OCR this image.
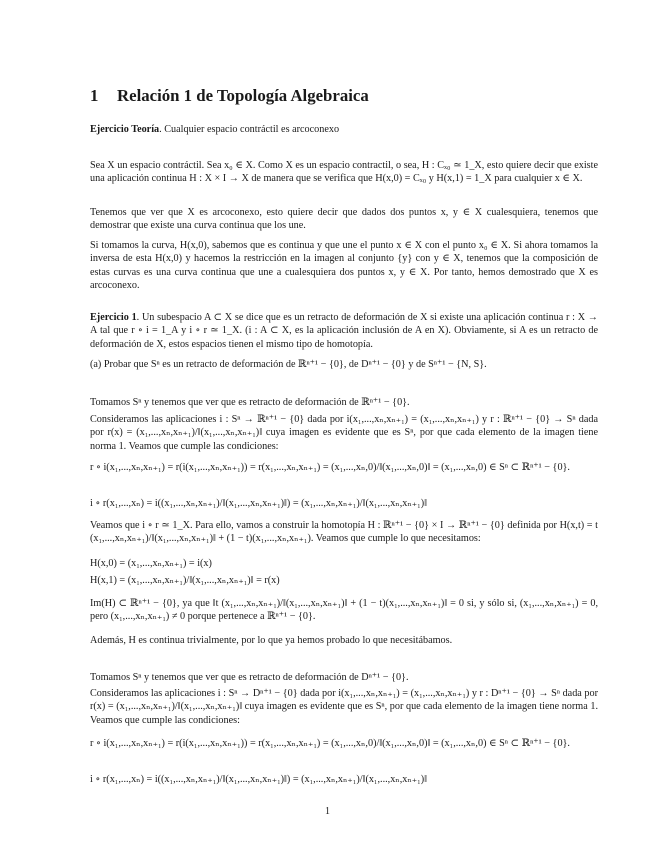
1 Relación 1 de Topología Algebraica

Ejercicio Teoría. Cualquier espacio contráctil es arcoconexo

Sea X un espacio contráctil. Sea x₀ ∈ X. Como X es un espacio contractil, o sea, H : Cₓ₀ ≃ 1_X, esto quiere decir que existe una aplicación continua H : X × I → X de manera que se verifica que H(x,0) = Cₓ₀ y H(x,1) = 1_X para cualquier x ∈ X.

Tenemos que ver que X es arcoconexo, esto quiere decir que dados dos puntos x, y ∈ X cualesquiera, tenemos que demostrar que existe una curva continua que los une.

Si tomamos la curva, H(x,0), sabemos que es continua y que une el punto x ∈ X con el punto x₀ ∈ X. Si ahora tomamos la inversa de esta H(x,0) y hacemos la restricción en la imagen al conjunto {y} con y ∈ X, tenemos que la composición de estas curvas es una curva continua que une a cualesquiera dos puntos x, y ∈ X. Por tanto, hemos demostrado que X es arcoconexo.

Ejercicio 1. Un subespacio A ⊂ X se dice que es un retracto de deformación de X si existe una aplicación continua r : X → A tal que r ∘ i = 1_A y i ∘ r ≃ 1_X. (i : A ⊂ X, es la aplicación inclusión de A en X). Obviamente, si A es un retracto de deformación de X, estos espacios tienen el mismo tipo de homotopía.

(a) Probar que Sⁿ es un retracto de deformación de ℝⁿ⁺¹ − {0}, de Dⁿ⁺¹ − {0} y de Sⁿ⁺¹ − {N, S}.

Tomamos Sⁿ y tenemos que ver que es retracto de deformación de ℝⁿ⁺¹ − {0}.

Consideramos las aplicaciones i : Sⁿ → ℝⁿ⁺¹ − {0} dada por i(x₁,...,xₙ,xₙ₊₁) = (x₁,...,xₙ,xₙ₊₁) y r : ℝⁿ⁺¹ − {0} → Sⁿ dada por r(x) = (x₁,...,xₙ,xₙ₊₁)/‖(x₁,...,xₙ,xₙ₊₁)‖ cuya imagen es evidente que es Sⁿ, por que cada elemento de la imagen tiene norma 1. Veamos que cumple las condiciones:

r ∘ i(x₁,...,xₙ,xₙ₊₁) = r(i(x₁,...,xₙ,xₙ₊₁)) = r(x₁,...,xₙ,xₙ₊₁) = (x₁,...,xₙ,0)/‖(x₁,...,xₙ,0)‖ = (x₁,...,xₙ,0) ∈ Sⁿ ⊂ ℝⁿ⁺¹ − {0}.

i ∘ r(x₁,...,xₙ) = i((x₁,...,xₙ,xₙ₊₁)/‖(x₁,...,xₙ,xₙ₊₁)‖) = (x₁,...,xₙ,xₙ₊₁)/‖(x₁,...,xₙ,xₙ₊₁)‖

Veamos que i ∘ r ≃ 1_X. Para ello, vamos a construir la homotopía H : ℝⁿ⁺¹ − {0} × I → ℝⁿ⁺¹ − {0} definida por H(x,t) = t (x₁,...,xₙ,xₙ₊₁)/‖(x₁,...,xₙ,xₙ₊₁)‖ + (1 − t)(x₁,...,xₙ,xₙ₊₁). Veamos que cumple lo que necesitamos:

H(x,0) = (x₁,...,xₙ,xₙ₊₁) = i(x)

H(x,1) = (x₁,...,xₙ,xₙ₊₁)/‖(x₁,...,xₙ,xₙ₊₁)‖ = r(x)

Im(H) ⊂ ℝⁿ⁺¹ − {0}, ya que ‖t (x₁,...,xₙ,xₙ₊₁)/‖(x₁,...,xₙ,xₙ₊₁)‖ + (1 − t)(x₁,...,xₙ,xₙ₊₁)‖ = 0 si, y sólo si, (x₁,...,xₙ,xₙ₊₁) = 0, pero (x₁,...,xₙ,xₙ₊₁) ≠ 0 porque pertenece a ℝⁿ⁺¹ − {0}.

Además, H es continua trivialmente, por lo que ya hemos probado lo que necesitábamos.

Tomamos Sⁿ y tenemos que ver que es retracto de deformación de Dⁿ⁺¹ − {0}.

Consideramos las aplicaciones i : Sⁿ → Dⁿ⁺¹ − {0} dada por i(x₁,...,xₙ,xₙ₊₁) = (x₁,...,xₙ,xₙ₊₁) y r : Dⁿ⁺¹ − {0} → Sⁿ dada por r(x) = (x₁,...,xₙ,xₙ₊₁)/‖(x₁,...,xₙ,xₙ₊₁)‖ cuya imagen es evidente que es Sⁿ, por que cada elemento de la imagen tiene norma 1. Veamos que cumple las condiciones:

r ∘ i(x₁,...,xₙ,xₙ₊₁) = r(i(x₁,...,xₙ,xₙ₊₁)) = r(x₁,...,xₙ,xₙ₊₁) = (x₁,...,xₙ,0)/‖(x₁,...,xₙ,0)‖ = (x₁,...,xₙ,0) ∈ Sⁿ ⊂ ℝⁿ⁺¹ − {0}.

i ∘ r(x₁,...,xₙ) = i((x₁,...,xₙ,xₙ₊₁)/‖(x₁,...,xₙ,xₙ₊₁)‖) = (x₁,...,xₙ,xₙ₊₁)/‖(x₁,...,xₙ,xₙ₊₁)‖

1
